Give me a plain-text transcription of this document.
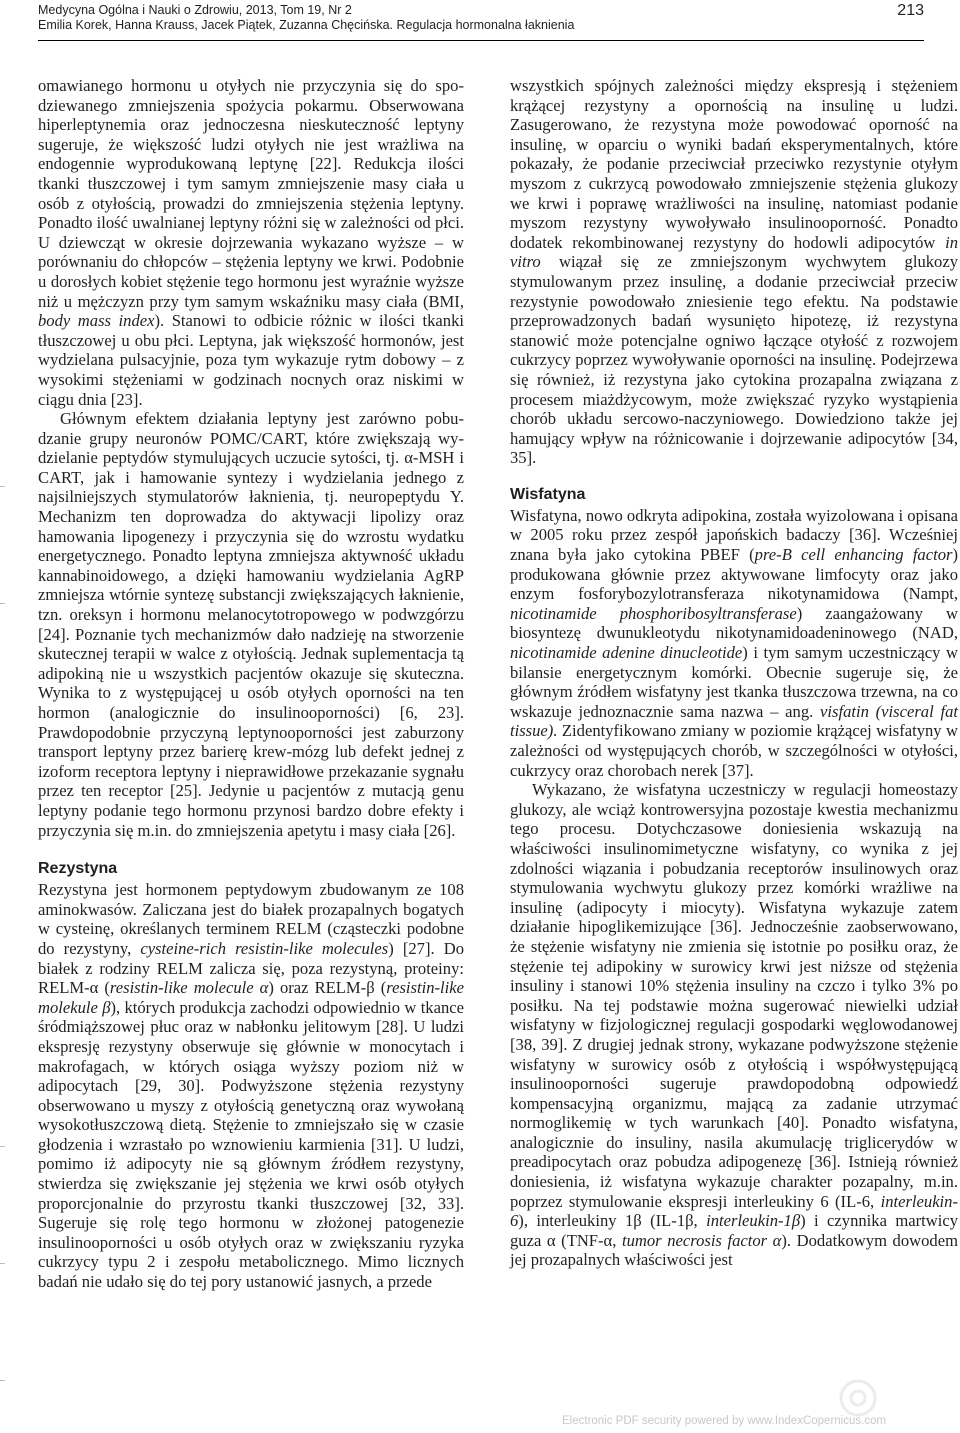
Medycyna Ogólna i Nauki o Zdrowiu, 2013, Tom 19, Nr 2
Emilia Korek, Hanna Krauss, Jacek Piątek, Zuzanna Chęcińska. Regulacja hormonalna łaknienia
213

omawianego hormonu u otyłych nie przyczynia się do spodziewanego zmniejszenia spożycia pokarmu. Obserwowana hiperleptynemia oraz jednoczesna nieskuteczność leptyny sugeruje, że większość ludzi otyłych nie jest wrażliwa na endogennie wyprodukowaną leptynę [22]. Redukcja ilości tkanki tłuszczowej i tym samym zmniejszenie masy ciała u osób z otyłością, prowadzi do zmniejszenia stężenia leptyny. Ponadto ilość uwalnianej leptyny różni się w zależności od płci. U dziewcząt w okresie dojrzewania wykazano wyższe – w porównaniu do chłopców – stężenia leptyny we krwi. Podobnie u dorosłych kobiet stężenie tego hormonu jest wyraźnie wyższe niż u mężczyzn przy tym samym wskaźniku masy ciała (BMI, body mass index). Stanowi to odbicie różnic w ilości tkanki tłuszczowej u obu płci. Leptyna, jak większość hormonów, jest wydzielana pulsacyjnie, poza tym wykazuje rytm dobowy – z wysokimi stężeniami w godzinach nocnych oraz niskimi w ciągu dnia [23].

Głównym efektem działania leptyny jest zarówno pobudzanie grupy neuronów POMC/CART, które zwiększają wydzielanie peptydów stymulujących uczucie sytości, tj. α-MSH i CART, jak i hamowanie syntezy i wydzielania jednego z najsilniejszych stymulatorów łaknienia, tj. neuropeptydu Y. Mechanizm ten doprowadza do aktywacji lipolizy oraz hamowania lipogenezy i przyczynia się do wzrostu wydatku energetycznego. Ponadto leptyna zmniejsza aktywność układu kannabinoidowego, a dzięki hamowaniu wydzielania AgRP zmniejsza wtórnie syntezę substancji zwiększających łaknienie, tzn. oreksyn i hormonu melanocytotropowego w podwzgórzu [24]. Poznanie tych mechanizmów dało nadzieję na stworzenie skutecznej terapii w walce z otyłością. Jednak suplementacja tą adipokiną nie u wszystkich pacjentów okazuje się skuteczna. Wynika to z występującej u osób otyłych oporności na ten hormon (analogicznie do insulinooporności) [6, 23]. Prawdopodobnie przyczyną leptynooporności jest zaburzony transport leptyny przez barierę krew-mózg lub defekt jednej z izoform receptora leptyny i nieprawidłowe przekazanie sygnału przez ten receptor [25]. Jedynie u pacjentów z mutacją genu leptyny podanie tego hormonu przynosi bardzo dobre efekty i przyczynia się m.in. do zmniejszenia apetytu i masy ciała [26].

Rezystyna

Rezystyna jest hormonem peptydowym zbudowanym ze 108 aminokwasów. Zaliczana jest do białek prozapalnych bogatych w cysteinę, określanych terminem RELM (cząsteczki podobne do rezystyny, cysteine-rich resistin-like molecules) [27]. Do białek z rodziny RELM zalicza się, poza rezystyną, proteiny: RELM-α (resistin-like molecule α) oraz RELM-β (resistin-like molekule β), których produkcja zachodzi odpowiednio w tkance śródmiąższowej płuc oraz w nabłonku jelitowym [28]. U ludzi ekspresję rezystyny obserwuje się głównie w monocytach i makrofagach, w których osiąga wyższy poziom niż w adipocytach [29, 30]. Podwyższone stężenia rezystyny obserwowano u myszy z otyłością genetyczną oraz wywołaną wysokotłuszczową dietą. Stężenie to zmniejszało się w czasie głodzenia i wzrastało po wznowieniu karmienia [31]. U ludzi, pomimo iż adipocyty nie są głównym źródłem rezystyny, stwierdza się zwiększanie jej stężenia we krwi osób otyłych proporcjonalnie do przyrostu tkanki tłuszczowej [32, 33]. Sugeruje się rolę tego hormonu w złożonej patogenezie insulinooporności u osób otyłych oraz w zwiększaniu ryzyka cukrzycy typu 2 i zespołu metabolicznego. Mimo licznych badań nie udało się do tej pory ustanowić jasnych, a przede

wszystkich spójnych zależności między ekspresją i stężeniem krążącej rezystyny a opornością na insulinę u ludzi. Zasugerowano, że rezystyna może powodować oporność na insulinę, w oparciu o wyniki badań eksperymentalnych, które pokazały, że podanie przeciwciał przeciwko rezystynie otyłym myszom z cukrzycą powodowało zmniejszenie stężenia glukozy we krwi i poprawę wrażliwości na insulinę, natomiast podanie myszom rezystyny wywoływało insulinooporność. Ponadto dodatek rekombinowanej rezystyny do hodowli adipocytów in vitro wiązał się ze zmniejszonym wychwytem glukozy stymulowanym przez insulinę, a dodanie przeciwciał przeciw rezystynie powodowało zniesienie tego efektu. Na podstawie przeprowadzonych badań wysunięto hipotezę, iż rezystyna stanowić może potencjalne ogniwo łączące otyłość z rozwojem cukrzycy poprzez wywoływanie oporności na insulinę. Podejrzewa się również, iż rezystyna jako cytokina prozapalna związana z procesem miażdżycowym, może zwiększać ryzyko wystąpienia chorób układu sercowo-naczyniowego. Dowiedziono także jej hamujący wpływ na różnicowanie i dojrzewanie adipocytów [34, 35].

Wisfatyna

Wisfatyna, nowo odkryta adipokina, została wyizolowana i opisana w 2005 roku przez zespół japońskich badaczy [36]. Wcześniej znana była jako cytokina PBEF (pre-B cell enhancing factor) produkowana głównie przez aktywowane limfocyty oraz jako enzym fosforybozylotransferaza nikotynamidowa (Nampt, nicotinamide phosphoribosyltransferase) zaangażowany w biosyntezę dwunukleotydu nikotynamidoadeninowego (NAD, nicotinamide adenine dinucleotide) i tym samym uczestniczący w bilansie energetycznym komórki. Obecnie sugeruje się, że głównym źródłem wisfatyny jest tkanka tłuszczowa trzewna, na co wskazuje jednoznacznie sama nazwa – ang. visfatin (visceral fat tissue). Zidentyfikowano zmiany w poziomie krążącej wisfatyny w zależności od występujących chorób, w szczególności w otyłości, cukrzycy oraz chorobach nerek [37].

Wykazano, że wisfatyna uczestniczy w regulacji homeostazy glukozy, ale wciąż kontrowersyjna pozostaje kwestia mechanizmu tego procesu. Dotychczasowe doniesienia wskazują na właściwości insulinomimetyczne wisfatyny, co wynika z jej zdolności wiązania i pobudzania receptorów insulinowych oraz stymulowania wychwytu glukozy przez komórki wrażliwe na insulinę (adipocyty i miocyty). Wisfatyna wykazuje zatem działanie hipoglikemizujące [36]. Jednocześnie zaobserwowano, że stężenie wisfatyny nie zmienia się istotnie po posiłku oraz, że stężenie tej adipokiny w surowicy krwi jest niższe od stężenia insuliny i stanowi 10% stężenia insuliny na czczo i tylko 3% po posiłku. Na tej podstawie można sugerować niewielki udział wisfatyny w fizjologicznej regulacji gospodarki węglowodanowej [38, 39]. Z drugiej jednak strony, wykazane podwyższone stężenie wisfatyny w surowicy osób z otyłością i współwystępującą insulinooporności sugeruje prawdopodobną odpowiedź kompensacyjną organizmu, mającą za zadanie utrzymać normoglikemię w tych warunkach [40]. Ponadto wisfatyna, analogicznie do insuliny, nasila akumulację triglicerydów w preadipocytach oraz pobudza adipogenezę [36]. Istnieją również doniesienia, iż wisfatyna wykazuje charakter pozapalny, m.in. poprzez stymulowanie ekspresji interleukiny 6 (IL-6, interleukin-6), interleukiny 1β (IL-1β, interleukin-1β) i czynnika martwicy guza α (TNF-α, tumor necrosis factor α). Dodatkowym dowodem jej prozapalnych właściwości jest

Electronic PDF security powered by www.IndexCopernicus.com
